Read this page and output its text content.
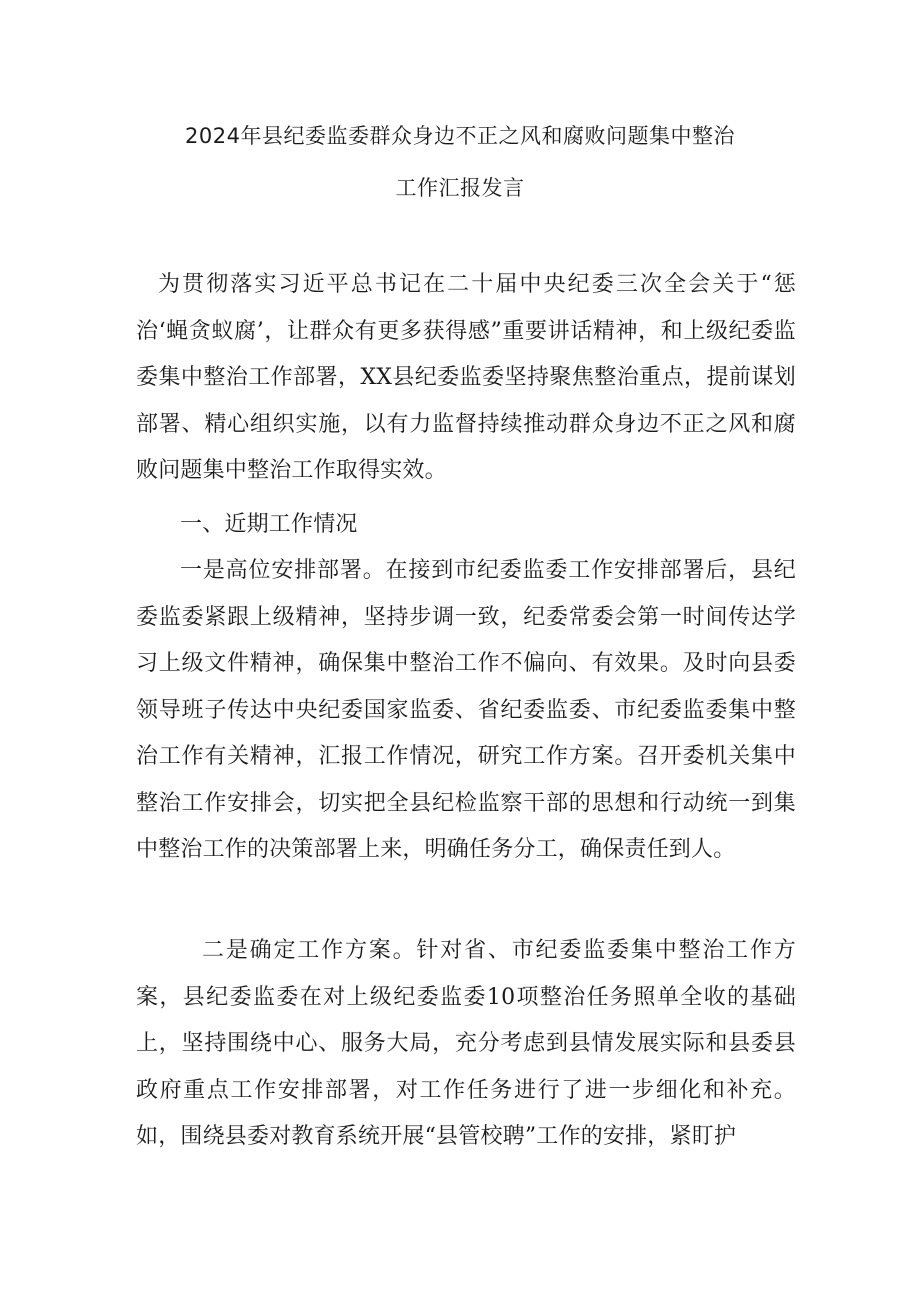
2024年县纪委监委群众身边不正之风和腐败问题集中整治
工作汇报发言

为贯彻落实习近平总书记在二十届中央纪委三次全会关于“惩治‘蝇贪蚁腐’，让群众有更多获得感”重要讲话精神，和上级纪委监委集中整治工作部署，XX县纪委监委坚持聚焦整治重点，提前谋划部署、精心组织实施，以有力监督持续推动群众身边不正之风和腐败问题集中整治工作取得实效。

一、近期工作情况

一是高位安排部署。在接到市纪委监委工作安排部署后，县纪委监委紧跟上级精神，坚持步调一致，纪委常委会第一时间传达学习上级文件精神，确保集中整治工作不偏向、有效果。及时向县委领导班子传达中央纪委国家监委、省纪委监委、市纪委监委集中整治工作有关精神，汇报工作情况，研究工作方案。召开委机关集中整治工作安排会，切实把全县纪检监察干部的思想和行动统一到集中整治工作的决策部署上来，明确任务分工，确保责任到人。

二是确定工作方案。针对省、市纪委监委集中整治工作方案，县纪委监委在对上级纪委监委10项整治任务照单全收的基础上，坚持围绕中心、服务大局，充分考虑到县情发展实际和县委县政府重点工作安排部署，对工作任务进行了进一步细化和补充。如，围绕县委对教育系统开展“县管校聘”工作的安排，紧盯护
